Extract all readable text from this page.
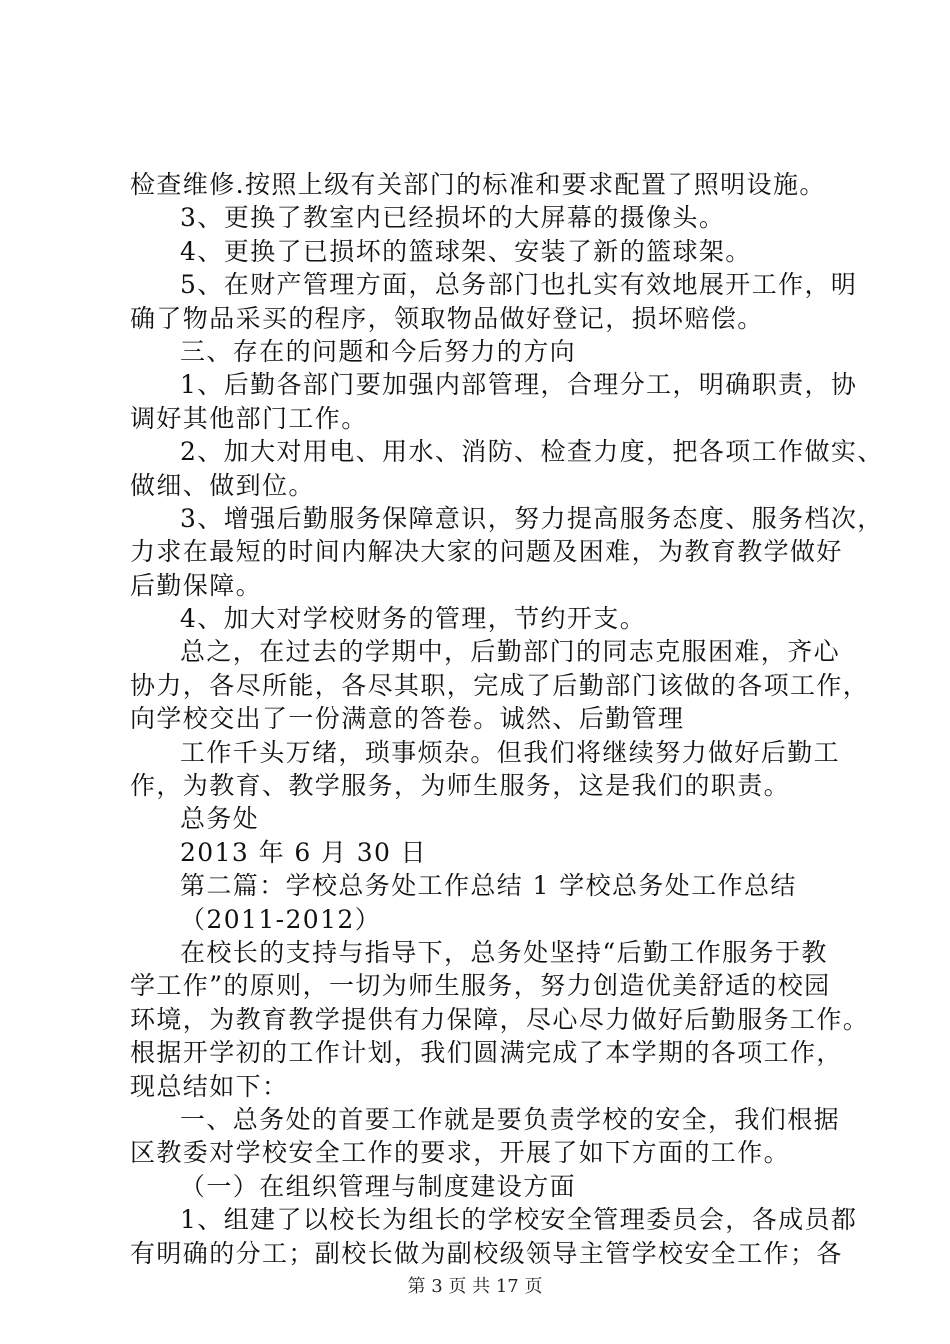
检查维修.按照上级有关部门的标准和要求配置了照明设施。
3、更换了教室内已经损坏的大屏幕的摄像头。
4、更换了已损坏的篮球架、安装了新的篮球架。
5、在财产管理方面，总务部门也扎实有效地展开工作，明
确了物品采买的程序，领取物品做好登记，损坏赔偿。
三、存在的问题和今后努力的方向
1、后勤各部门要加强内部管理，合理分工，明确职责，协
调好其他部门工作。
2、加大对用电、用水、消防、检查力度，把各项工作做实、
做细、做到位。
3、增强后勤服务保障意识，努力提高服务态度、服务档次，
力求在最短的时间内解决大家的问题及困难，为教育教学做好
后勤保障。
4、加大对学校财务的管理，节约开支。
总之，在过去的学期中，后勤部门的同志克服困难，齐心
协力，各尽所能，各尽其职，完成了后勤部门该做的各项工作，
向学校交出了一份满意的答卷。诚然、后勤管理
工作千头万绪，琐事烦杂。但我们将继续努力做好后勤工
作，为教育、教学服务，为师生服务，这是我们的职责。
总务处
2013 年 6 月 30 日
第二篇：学校总务处工作总结 1 学校总务处工作总结
（2011-2012）
在校长的支持与指导下，总务处坚持“后勤工作服务于教
学工作”的原则，一切为师生服务，努力创造优美舒适的校园
环境，为教育教学提供有力保障，尽心尽力做好后勤服务工作。
根据开学初的工作计划，我们圆满完成了本学期的各项工作，
现总结如下：
一、总务处的首要工作就是要负责学校的安全，我们根据
区教委对学校安全工作的要求，开展了如下方面的工作。
（一）在组织管理与制度建设方面
1、组建了以校长为组长的学校安全管理委员会，各成员都
有明确的分工；副校长做为副校级领导主管学校安全工作；各
第 3 页 共 17 页
